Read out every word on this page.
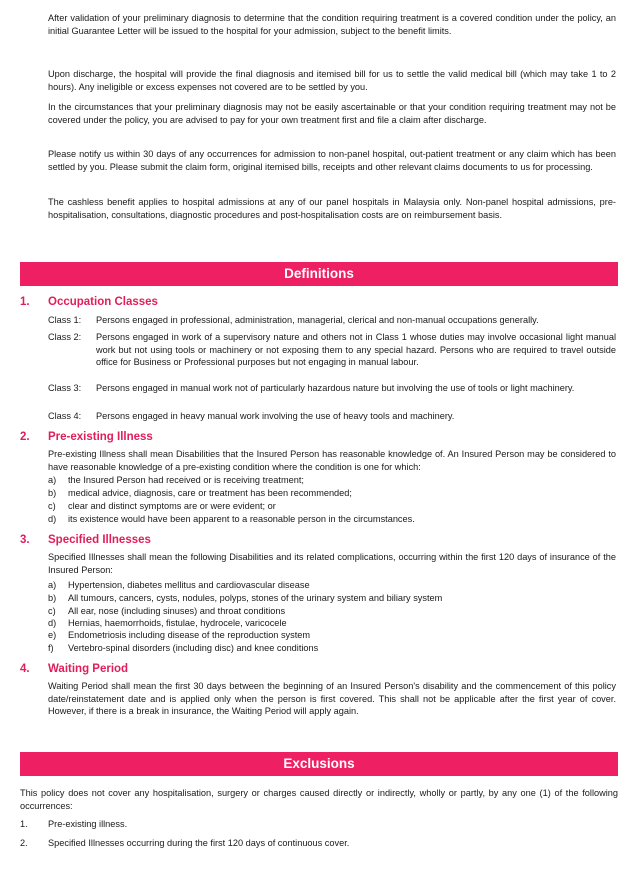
After validation of your preliminary diagnosis to determine that the condition requiring treatment is a covered condition under the policy, an initial Guarantee Letter will be issued to the hospital for your admission, subject to the benefit limits.

Upon discharge, the hospital will provide the final diagnosis and itemised bill for us to settle the valid medical bill (which may take 1 to 2 hours). Any ineligible or excess expenses not covered are to be settled by you.

In the circumstances that your preliminary diagnosis may not be easily ascertainable or that your condition requiring treatment may not be covered under the policy, you are advised to pay for your own treatment first and file a claim after discharge.

Please notify us within 30 days of any occurrences for admission to non-panel hospital, out-patient treatment or any claim which has been settled by you. Please submit the claim form, original itemised bills, receipts and other relevant claims documents to us for processing.

The cashless benefit applies to hospital admissions at any of our panel hospitals in Malaysia only. Non-panel hospital admissions, pre-hospitalisation, consultations, diagnostic procedures and post-hospitalisation costs are on reimbursement basis.

Definitions
1. Occupation Classes
Class 1:	Persons engaged in professional, administration, managerial, clerical and non-manual occupations generally.
Class 2:	Persons engaged in work of a supervisory nature and others not in Class 1 whose duties may involve occasional light manual work but not using tools or machinery or not exposing them to any special hazard. Persons who are required to travel outside office for Business or Professional purposes but not engaging in manual labour.
Class 3:	Persons engaged in manual work not of particularly hazardous nature but involving the use of tools or light machinery.
Class 4:	Persons engaged in heavy manual work involving the use of heavy tools and machinery.
2. Pre-existing Illness

Pre-existing Illness shall mean Disabilities that the Insured Person has reasonable knowledge of. An Insured Person may be considered to have reasonable knowledge of a pre-existing condition where the condition is one for which:

a)	the Insured Person had received or is receiving treatment;
b)	medical advice, diagnosis, care or treatment has been recommended;
c)	clear and distinct symptoms are or were evident; or
d)	its existence would have been apparent to a reasonable person in the circumstances.
3. Specified Illnesses

Specified Illnesses shall mean the following Disabilities and its related complications, occurring within the first 120 days of insurance of the Insured Person:

a)	Hypertension, diabetes mellitus and cardiovascular disease
b)	All tumours, cancers, cysts, nodules, polyps, stones of the urinary system and biliary system
c)	All ear, nose (including sinuses) and throat conditions
d)	Hernias, haemorrhoids, fistulae, hydrocele, varicocele
e)	Endometriosis including disease of the reproduction system
f)	Vertebro-spinal disorders (including disc) and knee conditions
4. Waiting Period

Waiting Period shall mean the first 30 days between the beginning of an Insured Person's disability and the commencement of this policy date/reinstatement date and is applied only when the person is first covered. This shall not be applicable after the first year of cover. However, if there is a break in insurance, the Waiting Period will apply again.

Exclusions

This policy does not cover any hospitalisation, surgery or charges caused directly or indirectly, wholly or partly, by any one (1) of the following occurrences:

1.	Pre-existing illness.
2.	Specified Illnesses occurring during the first 120 days of continuous cover.
